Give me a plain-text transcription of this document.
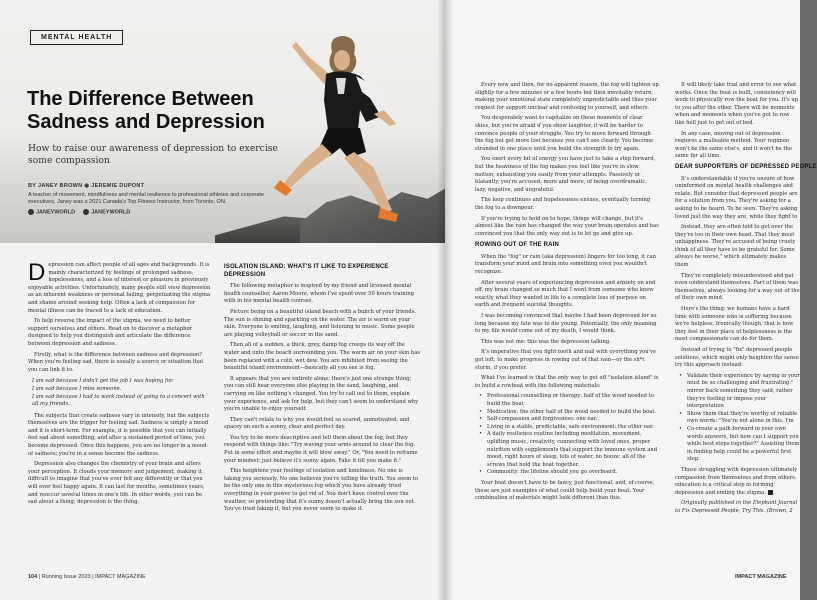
MENTAL HEALTH
The Difference Between Sadness and Depression
How to raise our awareness of depression to exercise some compassion
BY JANEY BROWN ◉ JEREMIE DUPONT
A teacher of movement, mindfulness and mental resilience to professional athletes and corporate executives, Janey was a 2021 Canada's Top Fitness Instructor, from Toronto, ON.
JANEYWORLD	JANEYWORLD

Depression can affect people of all ages and backgrounds. It is mainly characterized by feelings of prolonged sadness, hopelessness, and a loss of interest or pleasure in previously enjoyable activities. Unfortunately, many people still view depression as an inherent weakness or personal failing, perpetuating the stigma and shame around seeking help. Often a lack of compassion for mental illness can be traced to a lack of education.

To help reverse the impact of the stigma, we need to better support ourselves and others. Read on to discover a metaphor designed to help you distinguish and articulate the difference between depression and sadness.

Firstly, what is the difference between sadness and depression? When you're feeling sad, there is usually a source or situation that you can link it to.

I am sad because I didn't get the job I was hoping for.
I am sad because I miss someone.
I am sad because I had to work instead of going to a concert with all my friends.

The subjects that create sadness vary in intensity, but the subjects themselves are the trigger for feeling sad. Sadness is simply a mood and it is short-term. For example, it is possible that you can initially feel sad about something, and after a sustained period of time, you become depressed. Once this happens, you are no longer in a mood of sadness; you're in a sense become the sadness.

Depression also changes the chemistry of your brain and alters your perception. It clouds your memory and judgement, making it difficult to imagine that you've ever felt any differently or that you will ever feel happy again. It can last for months, sometimes years, and reoccur several times in one's life. In other words, you can be sad about a thing; depression is the thing.

ISOLATION ISLAND: WHAT'S IT LIKE TO EXPERIENCE DEPRESSION

The following metaphor is inspired by my friend and licensed mental health counsellor, Aaron Moore, whom I've spent over 50 hours training with in his mental health courses.

Picture being on a beautiful island beach with a bunch of your friends. The sun is shining and sparkling on the water. The air is warm on your skin. Everyone is smiling, laughing, and listening to music. Some people are playing volleyball or soccer in the sand.

Then all of a sudden, a thick, grey, damp fog creeps its way off the water and onto the beach surrounding you. The warm air on your skin has been replaced with a cold, wet dew. You are inhibited from seeing the beautiful island environment—basically all you see is fog.

It appears that you are entirely alone; there's just one strange thing: you can still hear everyone else playing in the sand, laughing, and carrying on like nothing's changed. You try to call out to them, explain your experience, and ask for help, but they can't seem to understand why you're unable to enjoy yourself.

They can't relate to why you would feel so scared, unmotivated, and spacey on such a sunny, clear and perfect day.

You try to be more descriptive and tell them about the fog, but they respond with things like: "Try waving your arms around to clear the fog. Put in some effort and maybe it will blow away." Or, "You need to reframe your mindset: just believe it's sunny again. Fake it till you make it."

This heightens your feelings of isolation and loneliness. No one is taking you seriously. No one believes you're telling the truth. You seem to be the only one in this mysterious fog which you have already tried everything in your power to get rid of. You don't have control over the weather, so pretending that it's sunny doesn't actually bring the sun out. You've tried faking it, but you never seem to make it.

104 | Running Issue 2023 | IMPACT MAGAZINE

Every now and then, for no apparent reason, the fog will lighten up slightly for a few minutes or a few hours but then inevitably return, making your emotional state completely unpredictable and thus your request for support unclear and confusing to yourself, and others.

You desperately want to capitalize on these moments of clear skies, but you're afraid if you show laughter, it will be harder to convince people of your struggle. You try to move forward through the fog but get more lost because you can't see clearly. You become stranded in one place until you build the strength to try again.

You exert every bit of energy you have just to take a step forward, but the heaviness of the fog makes you feel like you're in slow motion, exhausting you easily from your attempts. Passively or blatantly, you're accused, more and more, of being overdramatic, lazy, negative, and ungrateful.

The loop continues and hopelessness ensues, eventually turning the fog to a downpour.

If you're trying to hold on to hope, things will change, but it's almost like the rain has changed the way your brain operates and has convinced you that the only way out is to let go and give up.

ROWING OUT OF THE RAIN

When the "fog" or rain (aka depression) lingers for too long, it can transform your mind and brain into something even you wouldn't recognize.

After several years of experiencing depression and anxiety on and off, my brain changed so much that I went from someone who knew exactly what they wanted in life to a complete loss of purpose on earth and frequent suicidal thoughts.

I was becoming convinced that maybe I had been depressed for so long because my fate was to die young. Potentially, the only meaning to my life would come out of my death, I would think.

This was not me: this was the depression talking.

It's imperative that you fight tooth and nail with everything you've got left, to make progress in rowing out of that rain—or the sh*t storm, if you prefer.

What I've learned is that the only way to get off "isolation island" is to build a rowboat with the following materials:

• Professional counselling or therapy: half of the wood needed to build the boat
• Medication: the other half of the wood needed to build the boat.
• Self-compassion and forgiveness: one oar.
• Living in a stable, predictable, safe environment: the other oar.
• A daily resilience routine including meditation, movement, uplifting music, creativity, connecting with loved ones, proper nutrition with supplements that support the immune system and mood, right hours of sleep, lots of water, no booze: all of the screws that hold the boat together.
• Community: the lifeline should you go overboard.

Your boat doesn't have to be fancy, just functional, and, of course, these are just examples of what could help build your boat. Your combination of materials might look different than this.

It will likely take trial and error to see what works. Once the boat is built, consistency will work to physically row the boat for you. It's up to you after the other. There will be moments when and moments when you've got to row like hell just to get out of bed.

In any case, moving out of depression requires a malleable method. Your regimen won't be the same else's, and it won't be the same for all time.

DEAR SUPPORTERS OF DEPRESSED PEOPLE

It's understandable if you're unsure of how uninformed on mental health challenges and relate. But consider that depressed people are for a solution from you. They're asking for a asking to be heard. To be seen. They're asking loved just the way they are, while they fight to

Instead, they are often told to get over the they're too in their own head. That they must unhappiness. They're accused of being crusty think of all they have to be grateful for. Some always be worse," which ultimately makes them

They're completely misunderstood and pat even understand themselves. Part of them was themselves, always looking for a way out of the of their own mind.

Here's the thing: we humans have a hard time with someone who is suffering because we're helpless. Ironically though, that is how they feel in their place of helplessness is the most compassionate can do for them.

Instead of trying to "fix" depressed people solutions, which might only heighten the sense try this approach instead:

• Validate their experience by saying in your must be so challenging and frustrating." mirror back something they said, rather they're feeling or impose your interpretation
• Show them that they're worthy of reliable own words: "You're not alone in this. I'm
• Co-create a path forward in your own words answers, but how can I support you while best steps together?" Assisting them in finding help could be a powerful first step.

Those struggling with depression ultimately compassion from themselves and from others. education is a critical step in forming depression and ending the stigma.

Originally published in the Elephant Journal to Fix Depressed People, Try This. (Brown, 2

IMPACT MAGAZINE
